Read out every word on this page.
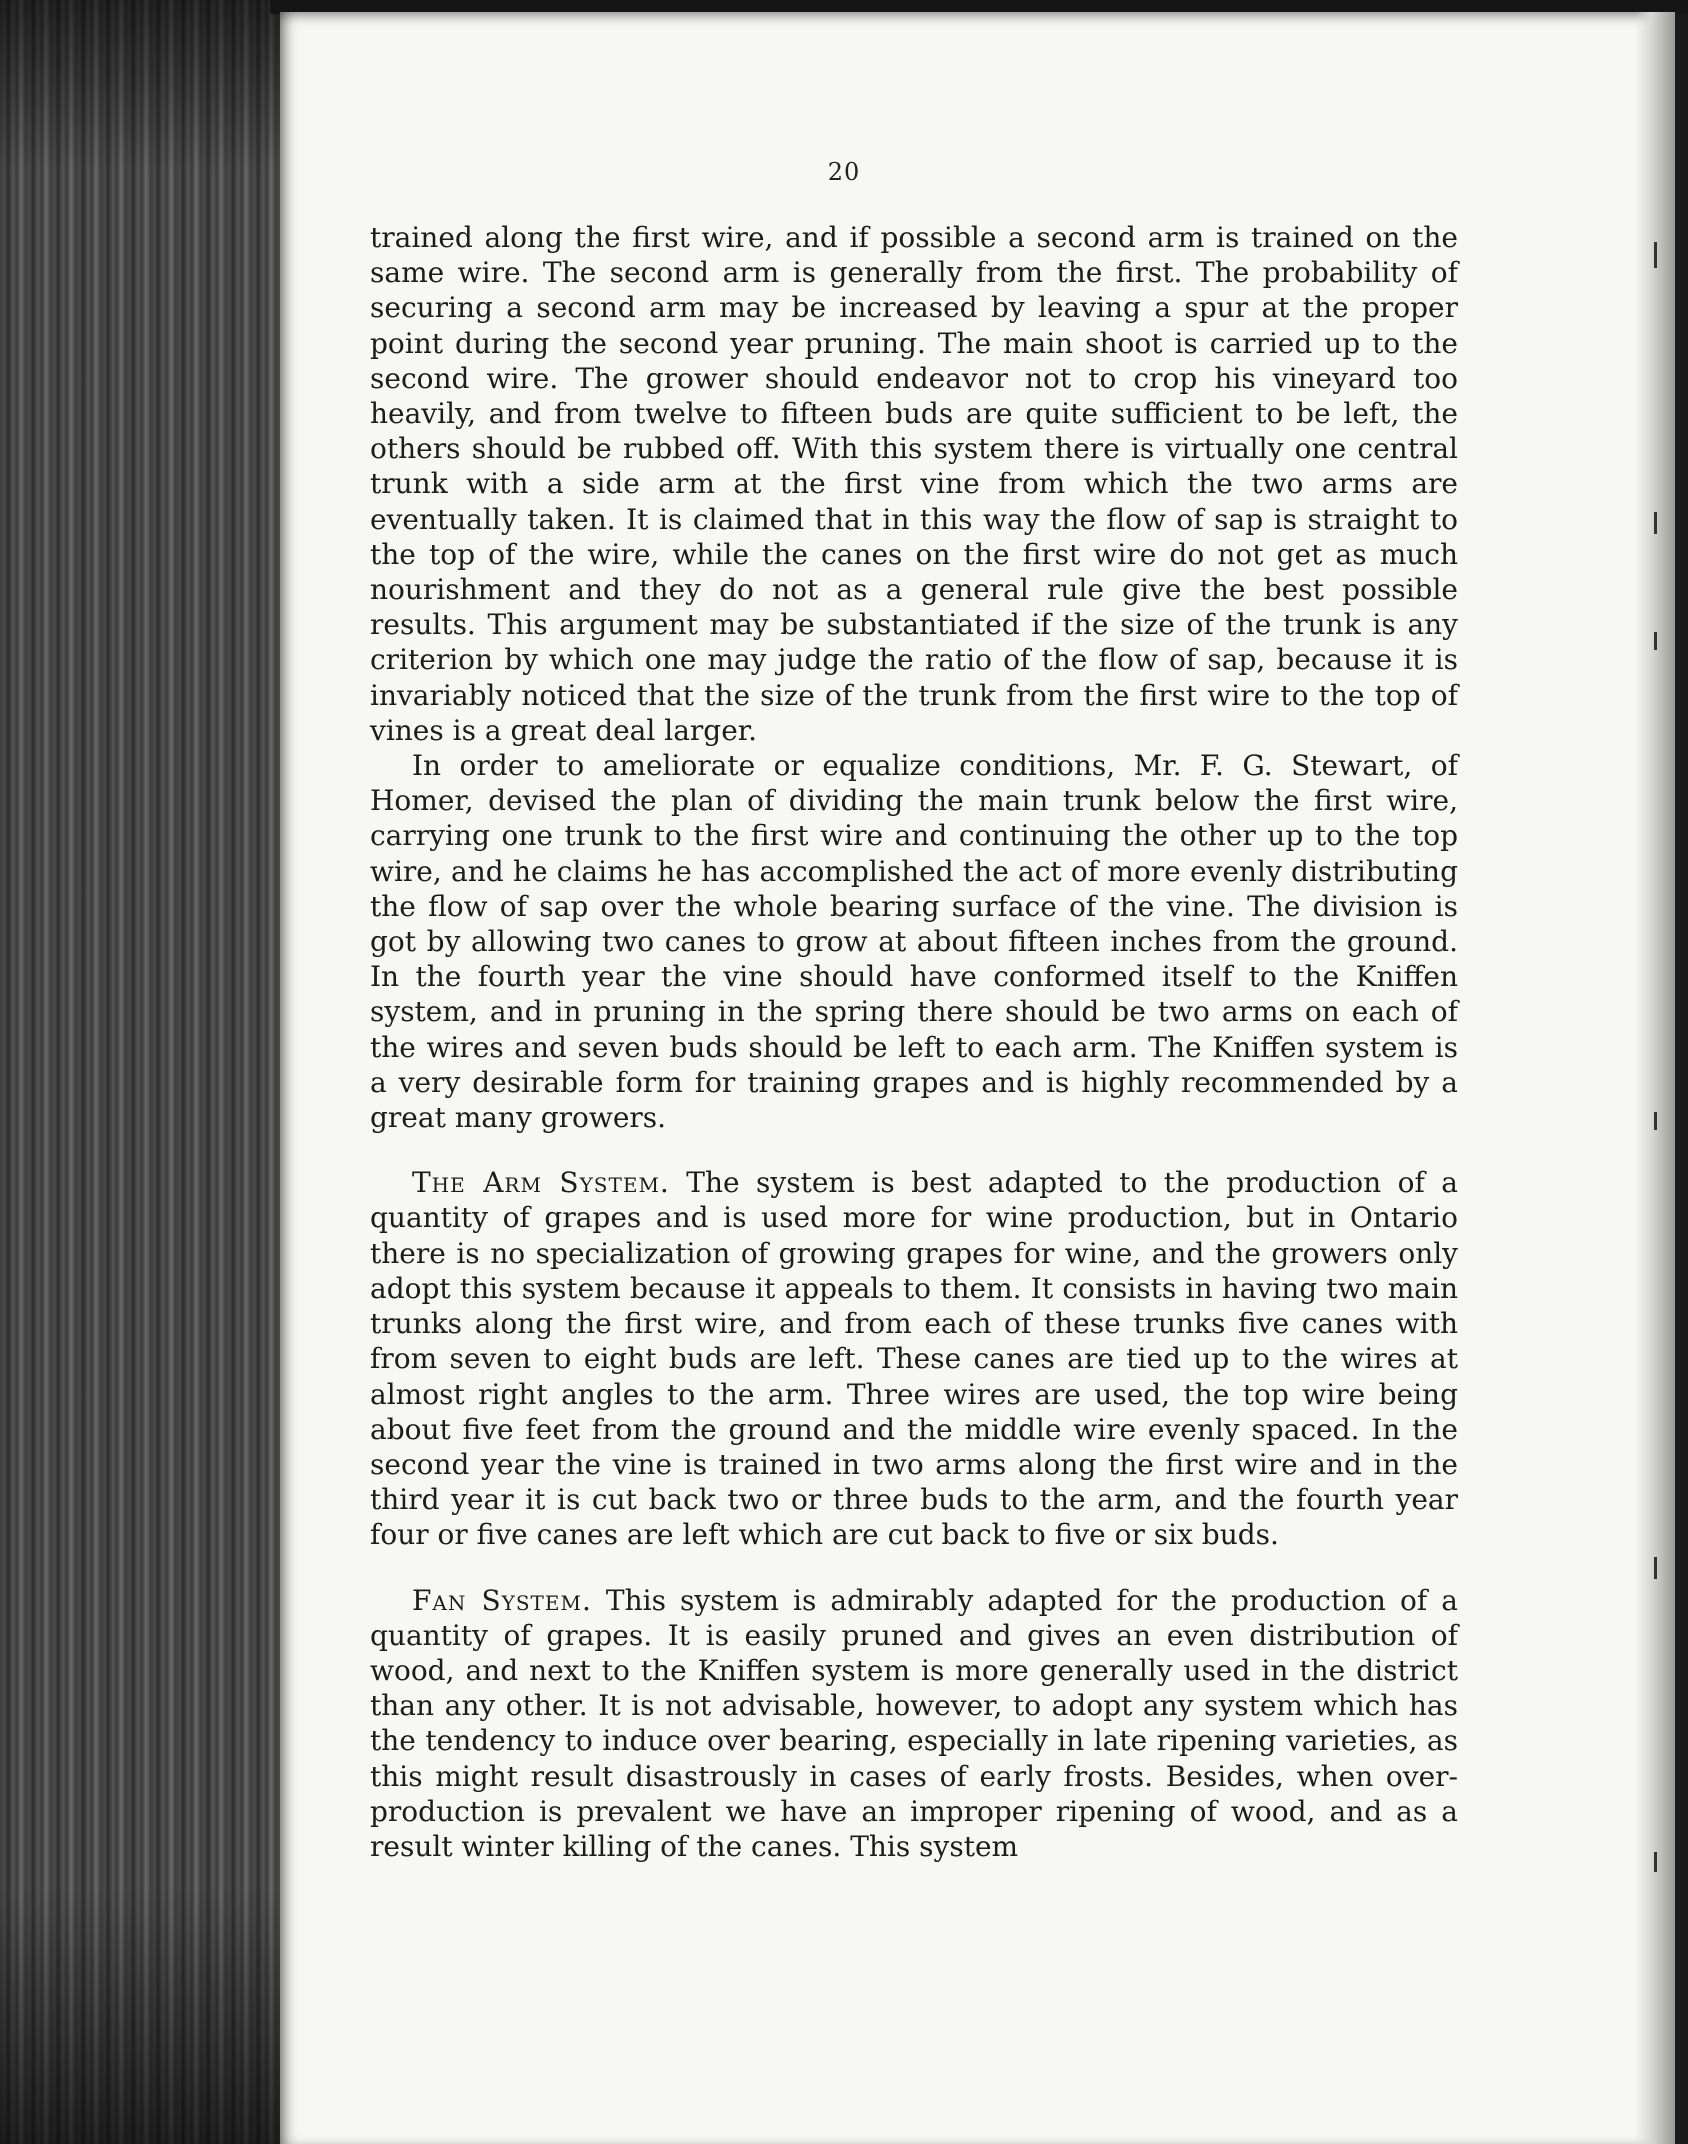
20

trained along the first wire, and if possible a second arm is trained on the same wire. The second arm is generally from the first. The probability of securing a second arm may be increased by leaving a spur at the proper point during the second year pruning. The main shoot is carried up to the second wire. The grower should endeavor not to crop his vineyard too heavily, and from twelve to fifteen buds are quite sufficient to be left, the others should be rubbed off. With this system there is virtually one central trunk with a side arm at the first vine from which the two arms are eventually taken. It is claimed that in this way the flow of sap is straight to the top of the wire, while the canes on the first wire do not get as much nourishment and they do not as a general rule give the best possible results. This argument may be substantiated if the size of the trunk is any criterion by which one may judge the ratio of the flow of sap, because it is invariably noticed that the size of the trunk from the first wire to the top of vines is a great deal larger.

In order to ameliorate or equalize conditions, Mr. F. G. Stewart, of Homer, devised the plan of dividing the main trunk below the first wire, carrying one trunk to the first wire and continuing the other up to the top wire, and he claims he has accomplished the act of more evenly distributing the flow of sap over the whole bearing surface of the vine. The division is got by allowing two canes to grow at about fifteen inches from the ground. In the fourth year the vine should have conformed itself to the Kniffen system, and in pruning in the spring there should be two arms on each of the wires and seven buds should be left to each arm. The Kniffen system is a very desirable form for training grapes and is highly recommended by a great many growers.

The Arm System. The system is best adapted to the production of a quantity of grapes and is used more for wine production, but in Ontario there is no specialization of growing grapes for wine, and the growers only adopt this system because it appeals to them. It consists in having two main trunks along the first wire, and from each of these trunks five canes with from seven to eight buds are left. These canes are tied up to the wires at almost right angles to the arm. Three wires are used, the top wire being about five feet from the ground and the middle wire evenly spaced. In the second year the vine is trained in two arms along the first wire and in the third year it is cut back two or three buds to the arm, and the fourth year four or five canes are left which are cut back to five or six buds.

Fan System. This system is admirably adapted for the production of a quantity of grapes. It is easily pruned and gives an even distribution of wood, and next to the Kniffen system is more generally used in the district than any other. It is not advisable, however, to adopt any system which has the tendency to induce over bearing, especially in late ripening varieties, as this might result disastrously in cases of early frosts. Besides, when over-production is prevalent we have an improper ripening of wood, and as a result winter killing of the canes. This system
